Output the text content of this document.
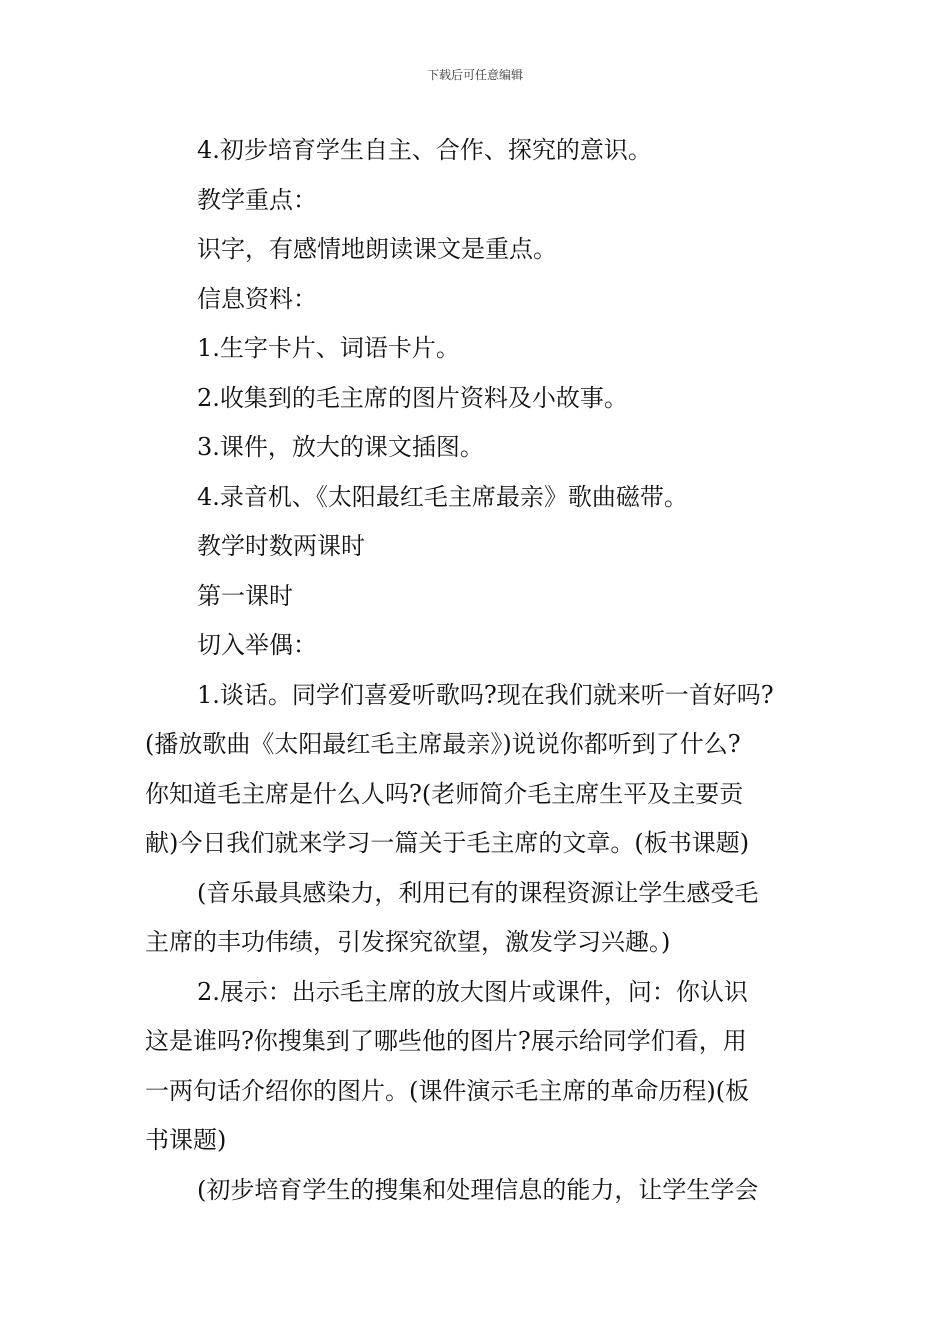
下载后可任意编辑
4.初步培育学生自主、合作、探究的意识。
教学重点：
识字，有感情地朗读课文是重点。
信息资料：
1.生字卡片、词语卡片。
2.收集到的毛主席的图片资料及小故事。
3.课件，放大的课文插图。
4.录音机、《太阳最红毛主席最亲》歌曲磁带。
教学时数两课时
第一课时
切入举偶：
1.谈话。同学们喜爱听歌吗?现在我们就来听一首好吗?
(播放歌曲《太阳最红毛主席最亲》)说说你都听到了什么?
你知道毛主席是什么人吗?(老师简介毛主席生平及主要贡
献)今日我们就来学习一篇关于毛主席的文章。(板书课题)
(音乐最具感染力，利用已有的课程资源让学生感受毛
主席的丰功伟绩，引发探究欲望，激发学习兴趣。)
2.展示：出示毛主席的放大图片或课件，问：你认识
这是谁吗?你搜集到了哪些他的图片?展示给同学们看，用
一两句话介绍你的图片。(课件演示毛主席的革命历程)(板
书课题)
(初步培育学生的搜集和处理信息的能力，让学生学会
